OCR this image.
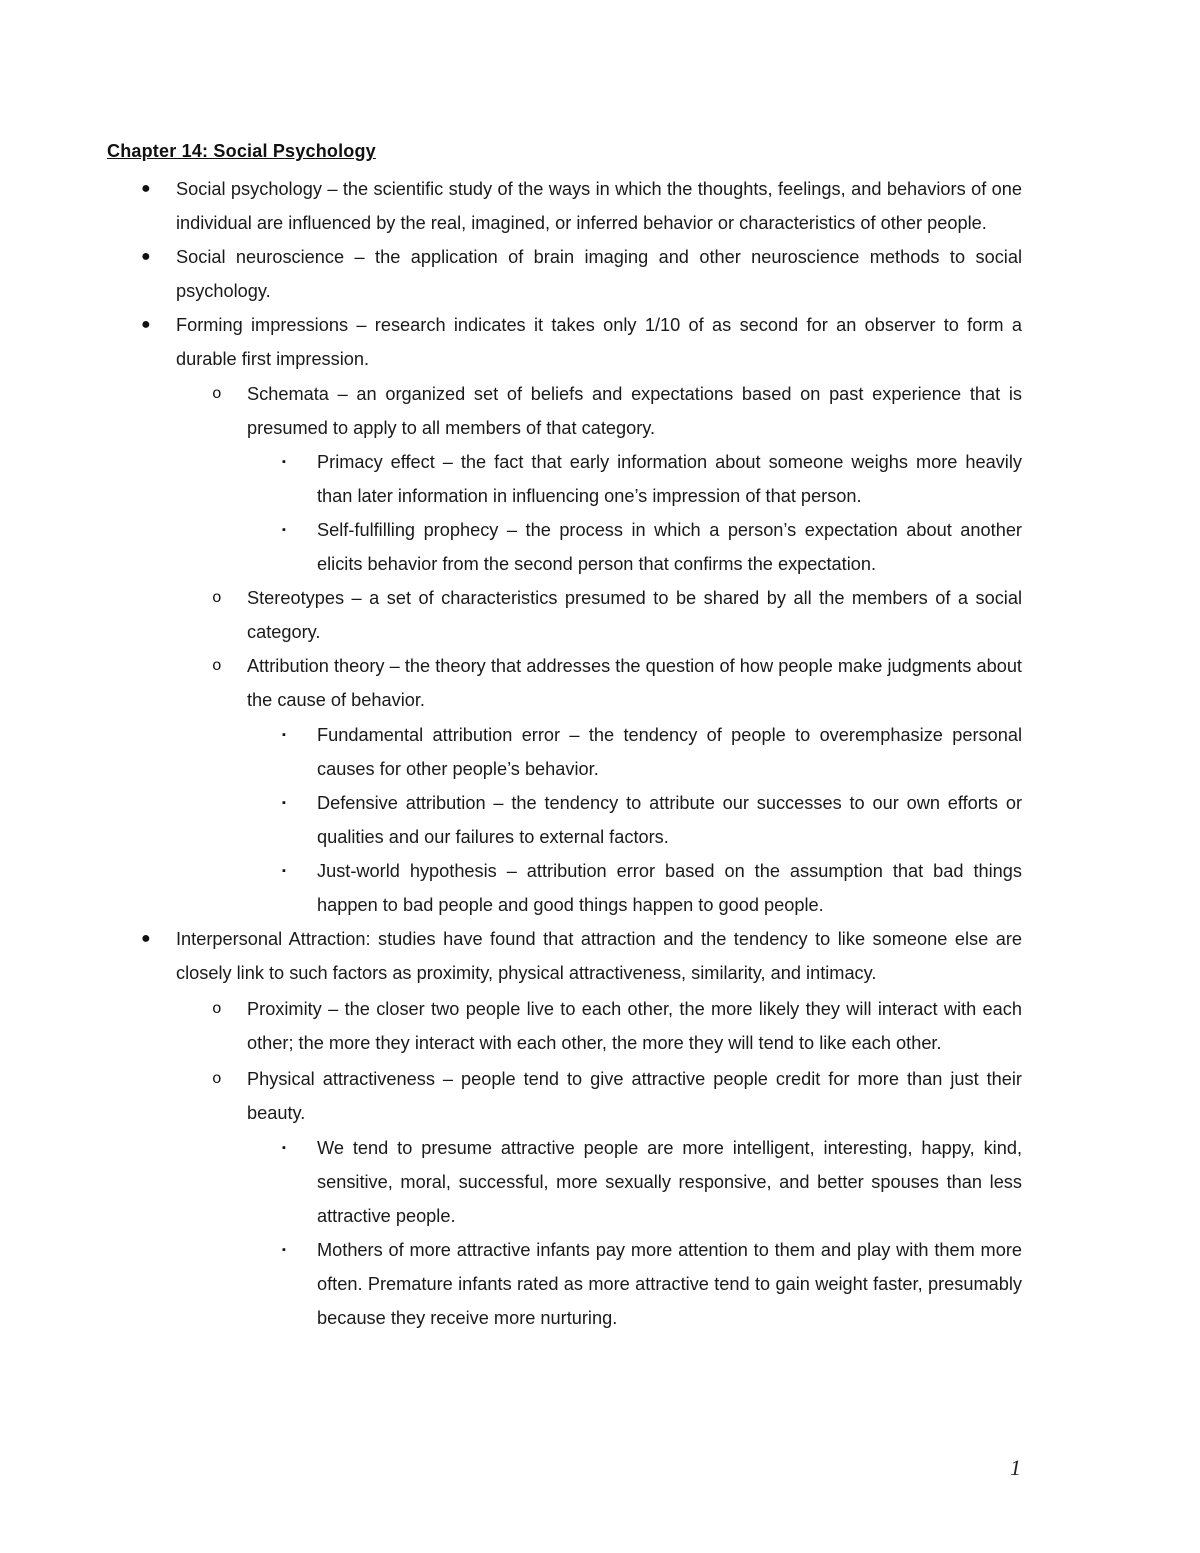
Chapter 14: Social Psychology
● Social psychology – the scientific study of the ways in which the thoughts, feelings, and behaviors of one individual are influenced by the real, imagined, or inferred behavior or characteristics of other people.
● Social neuroscience – the application of brain imaging and other neuroscience methods to social psychology.
● Forming impressions – research indicates it takes only 1/10 of as second for an observer to form a durable first impression.
o Schemata – an organized set of beliefs and expectations based on past experience that is presumed to apply to all members of that category.
▪ Primacy effect – the fact that early information about someone weighs more heavily than later information in influencing one’s impression of that person.
▪ Self-fulfilling prophecy – the process in which a person’s expectation about another elicits behavior from the second person that confirms the expectation.
o Stereotypes – a set of characteristics presumed to be shared by all the members of a social category.
o Attribution theory – the theory that addresses the question of how people make judgments about the cause of behavior.
▪ Fundamental attribution error – the tendency of people to overemphasize personal causes for other people’s behavior.
▪ Defensive attribution – the tendency to attribute our successes to our own efforts or qualities and our failures to external factors.
▪ Just-world hypothesis – attribution error based on the assumption that bad things happen to bad people and good things happen to good people.
● Interpersonal Attraction: studies have found that attraction and the tendency to like someone else are closely link to such factors as proximity, physical attractiveness, similarity, and intimacy.
o Proximity – the closer two people live to each other, the more likely they will interact with each other; the more they interact with each other, the more they will tend to like each other.
o Physical attractiveness – people tend to give attractive people credit for more than just their beauty.
▪ We tend to presume attractive people are more intelligent, interesting, happy, kind, sensitive, moral, successful, more sexually responsive, and better spouses than less attractive people.
▪ Mothers of more attractive infants pay more attention to them and play with them more often. Premature infants rated as more attractive tend to gain weight faster, presumably because they receive more nurturing.
1
